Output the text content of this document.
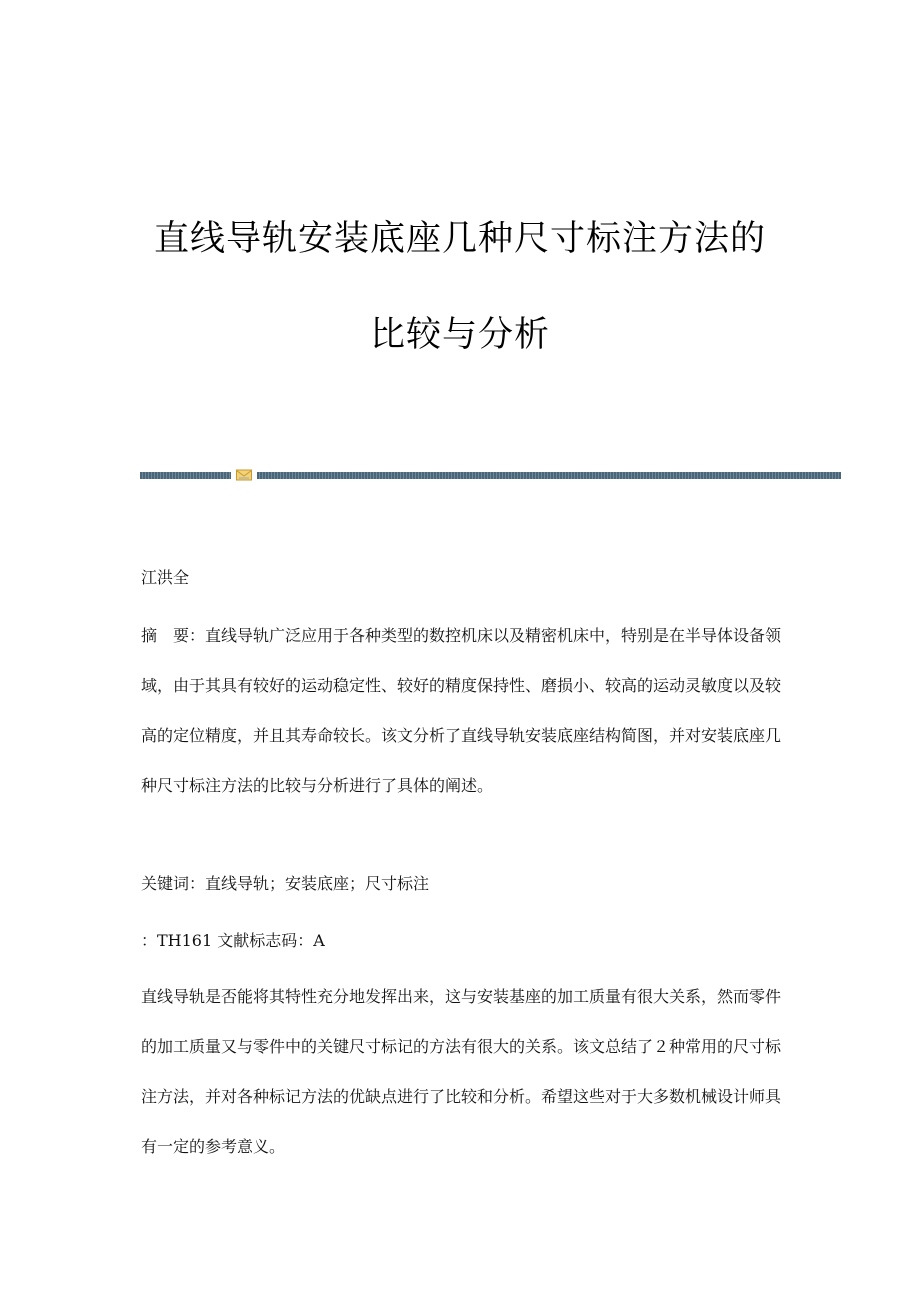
直线导轨安装底座几种尺寸标注方法的
比较与分析

江洪全

摘　要：直线导轨广泛应用于各种类型的数控机床以及精密机床中，特别是在半导体设备领域，由于其具有较好的运动稳定性、较好的精度保持性、磨损小、较高的运动灵敏度以及较高的定位精度，并且其寿命较长。该文分析了直线导轨安装底座结构简图，并对安装底座几种尺寸标注方法的比较与分析进行了具体的阐述。

关键词：直线导轨；安装底座；尺寸标注

：TH161 文献标志码：A

直线导轨是否能将其特性充分地发挥出来，这与安装基座的加工质量有很大关系，然而零件的加工质量又与零件中的关键尺寸标记的方法有很大的关系。该文总结了２种常用的尺寸标注方法，并对各种标记方法的优缺点进行了比较和分析。希望这些对于大多数机械设计师具有一定的参考意义。
